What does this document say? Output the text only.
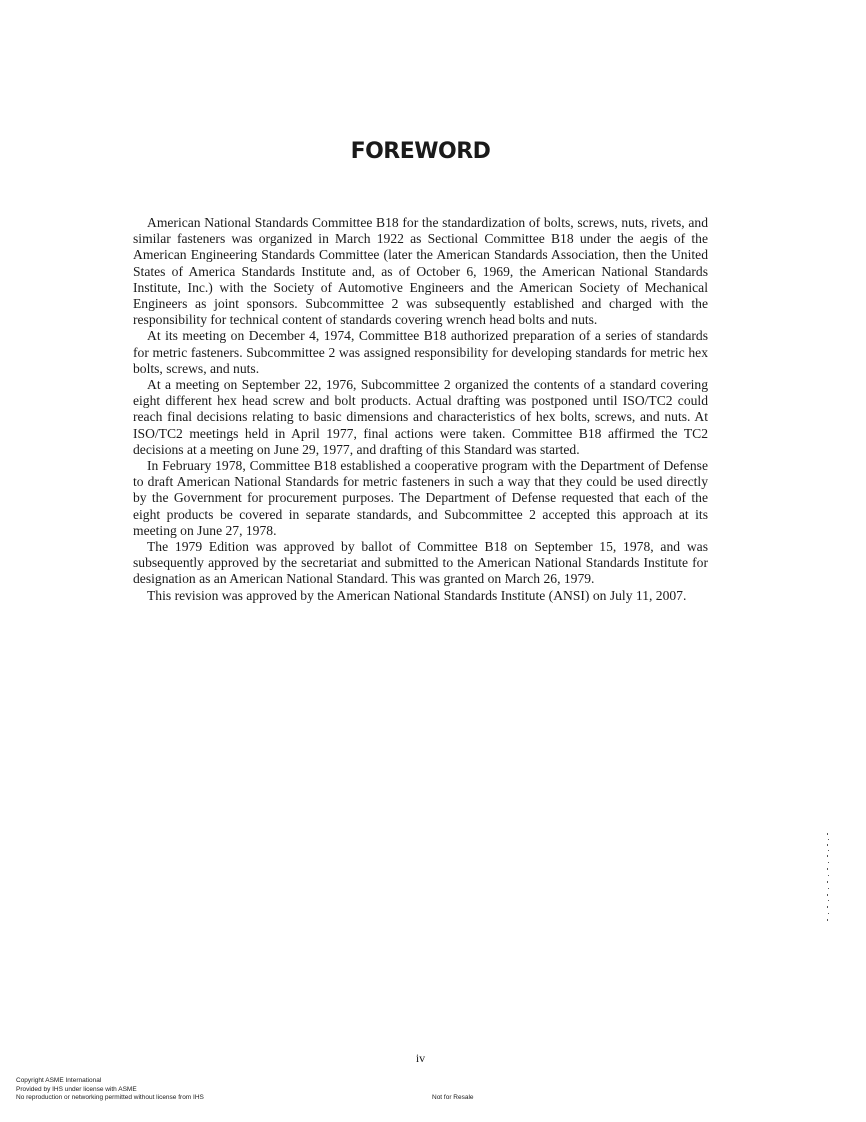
FOREWORD

American National Standards Committee B18 for the standardization of bolts, screws, nuts, rivets, and similar fasteners was organized in March 1922 as Sectional Committee B18 under the aegis of the American Engineering Standards Committee (later the American Standards Association, then the United States of America Standards Institute and, as of October 6, 1969, the American National Standards Institute, Inc.) with the Society of Automotive Engineers and the American Society of Mechanical Engineers as joint sponsors. Subcommittee 2 was subsequently established and charged with the responsibility for technical content of standards covering wrench head bolts and nuts.

At its meeting on December 4, 1974, Committee B18 authorized preparation of a series of standards for metric fasteners. Subcommittee 2 was assigned responsibility for developing standards for metric hex bolts, screws, and nuts.

At a meeting on September 22, 1976, Subcommittee 2 organized the contents of a standard covering eight different hex head screw and bolt products. Actual drafting was postponed until ISO/TC2 could reach final decisions relating to basic dimensions and characteristics of hex bolts, screws, and nuts. At ISO/TC2 meetings held in April 1977, final actions were taken. Committee B18 affirmed the TC2 decisions at a meeting on June 29, 1977, and drafting of this Standard was started.

In February 1978, Committee B18 established a cooperative program with the Department of Defense to draft American National Standards for metric fasteners in such a way that they could be used directly by the Government for procurement purposes. The Department of Defense requested that each of the eight products be covered in separate standards, and Subcommittee 2 accepted this approach at its meeting on June 27, 1978.

The 1979 Edition was approved by ballot of Committee B18 on September 15, 1978, and was subsequently approved by the secretariat and submitted to the American National Standards Institute for designation as an American National Standard. This was granted on March 26, 1979.

This revision was approved by the American National Standards Institute (ANSI) on July 11, 2007.

iv
Copyright ASME International
Provided by IHS under license with ASME
No reproduction or networking permitted without license from IHS	Not for Resale
